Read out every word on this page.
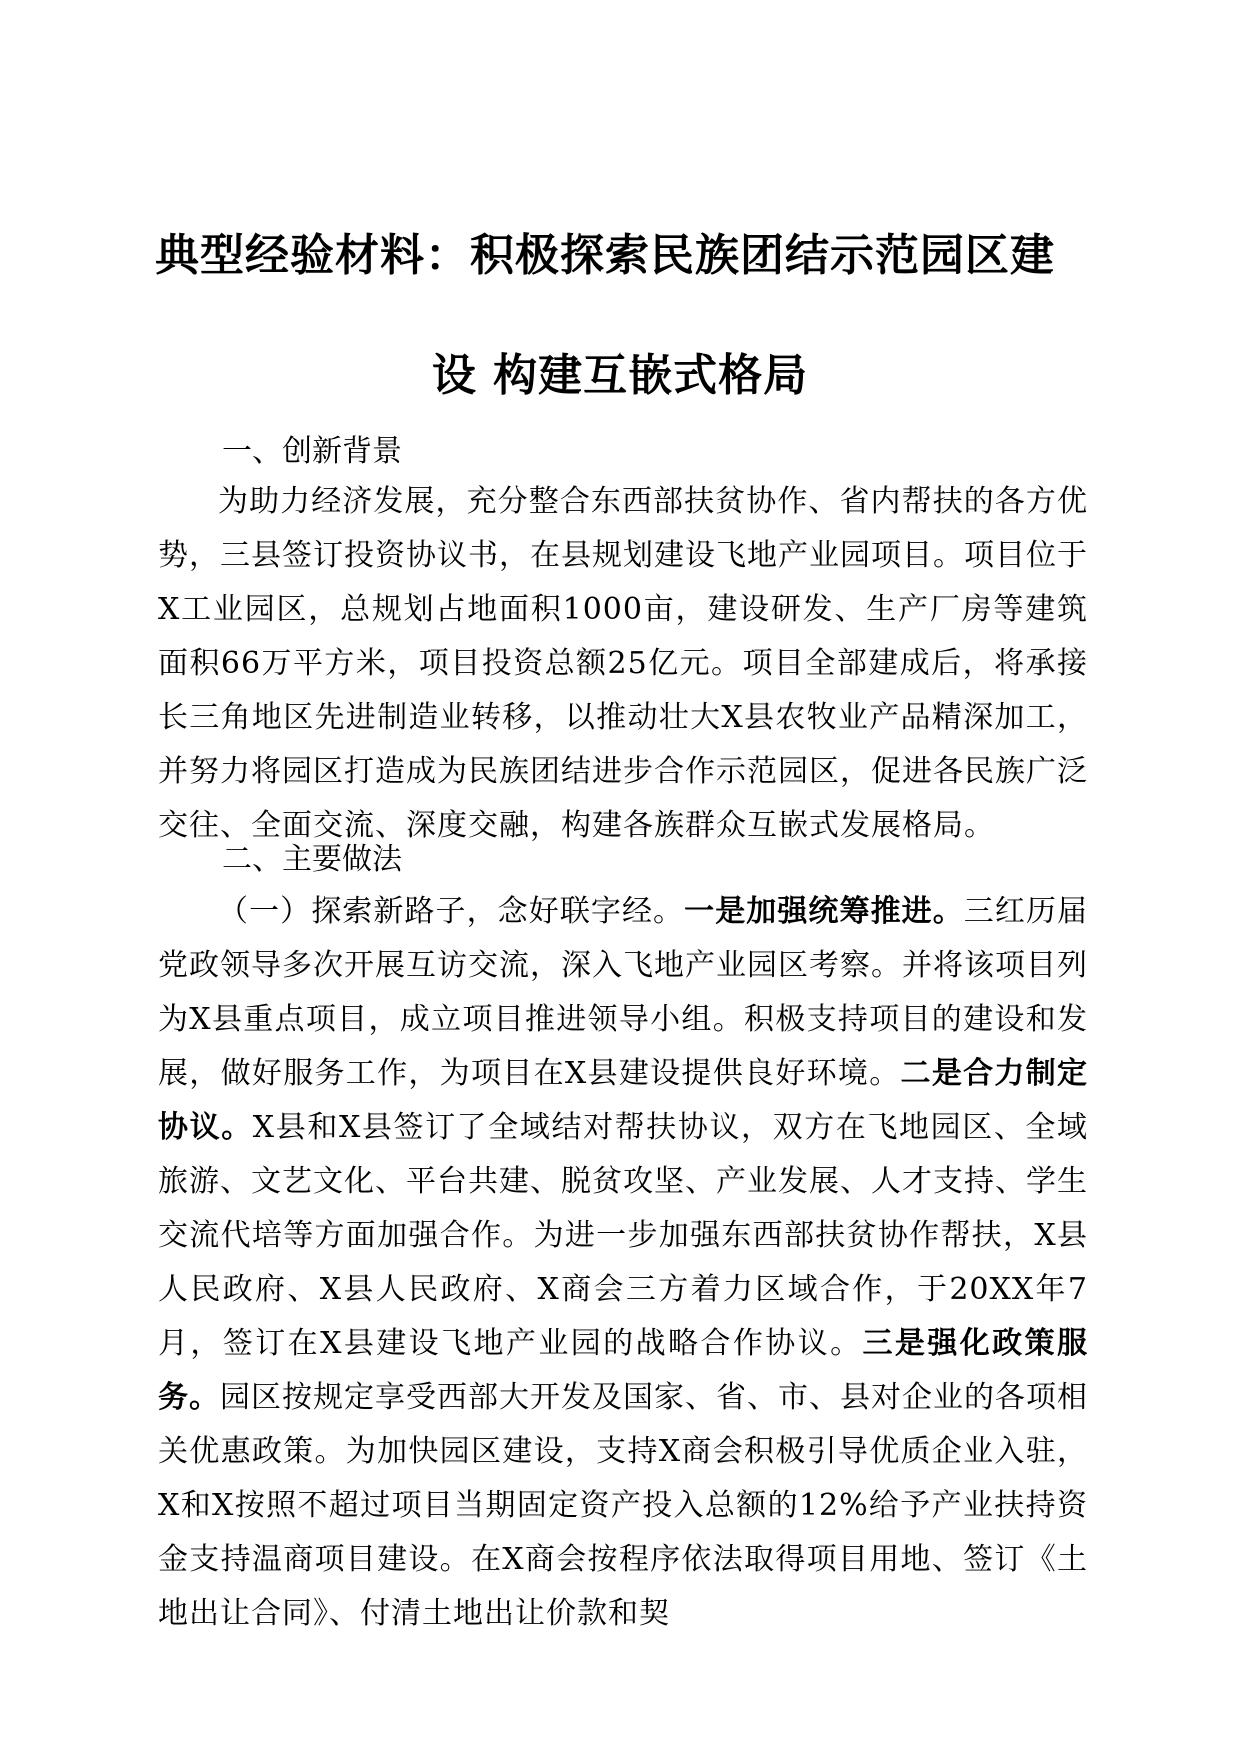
典型经验材料：积极探索民族团结示范园区建
设 构建互嵌式格局
一、创新背景
为助力经济发展，充分整合东西部扶贫协作、省内帮扶的各方优势，三县签订投资协议书，在县规划建设飞地产业园项目。项目位于X工业园区，总规划占地面积1000亩，建设研发、生产厂房等建筑面积66万平方米，项目投资总额25亿元。项目全部建成后，将承接长三角地区先进制造业转移，以推动壮大X县农牧业产品精深加工，并努力将园区打造成为民族团结进步合作示范园区，促进各民族广泛交往、全面交流、深度交融，构建各族群众互嵌式发展格局。
二、主要做法
（一）探索新路子，念好联字经。一是加强统筹推进。三红历届党政领导多次开展互访交流，深入飞地产业园区考察。并将该项目列为X县重点项目，成立项目推进领导小组。积极支持项目的建设和发展，做好服务工作，为项目在X县建设提供良好环境。二是合力制定协议。X县和X县签订了全域结对帮扶协议，双方在飞地园区、全域旅游、文艺文化、平台共建、脱贫攻坚、产业发展、人才支持、学生交流代培等方面加强合作。为进一步加强东西部扶贫协作帮扶，X县人民政府、X县人民政府、X商会三方着力区域合作，于20XX年7月，签订在X县建设飞地产业园的战略合作协议。三是强化政策服务。园区按规定享受西部大开发及国家、省、市、县对企业的各项相关优惠政策。为加快园区建设，支持X商会积极引导优质企业入驻，X和X按照不超过项目当期固定资产投入总额的12%给予产业扶持资金支持温商项目建设。在X商会按程序依法取得项目用地、签订《土地出让合同》、付清土地出让价款和契
